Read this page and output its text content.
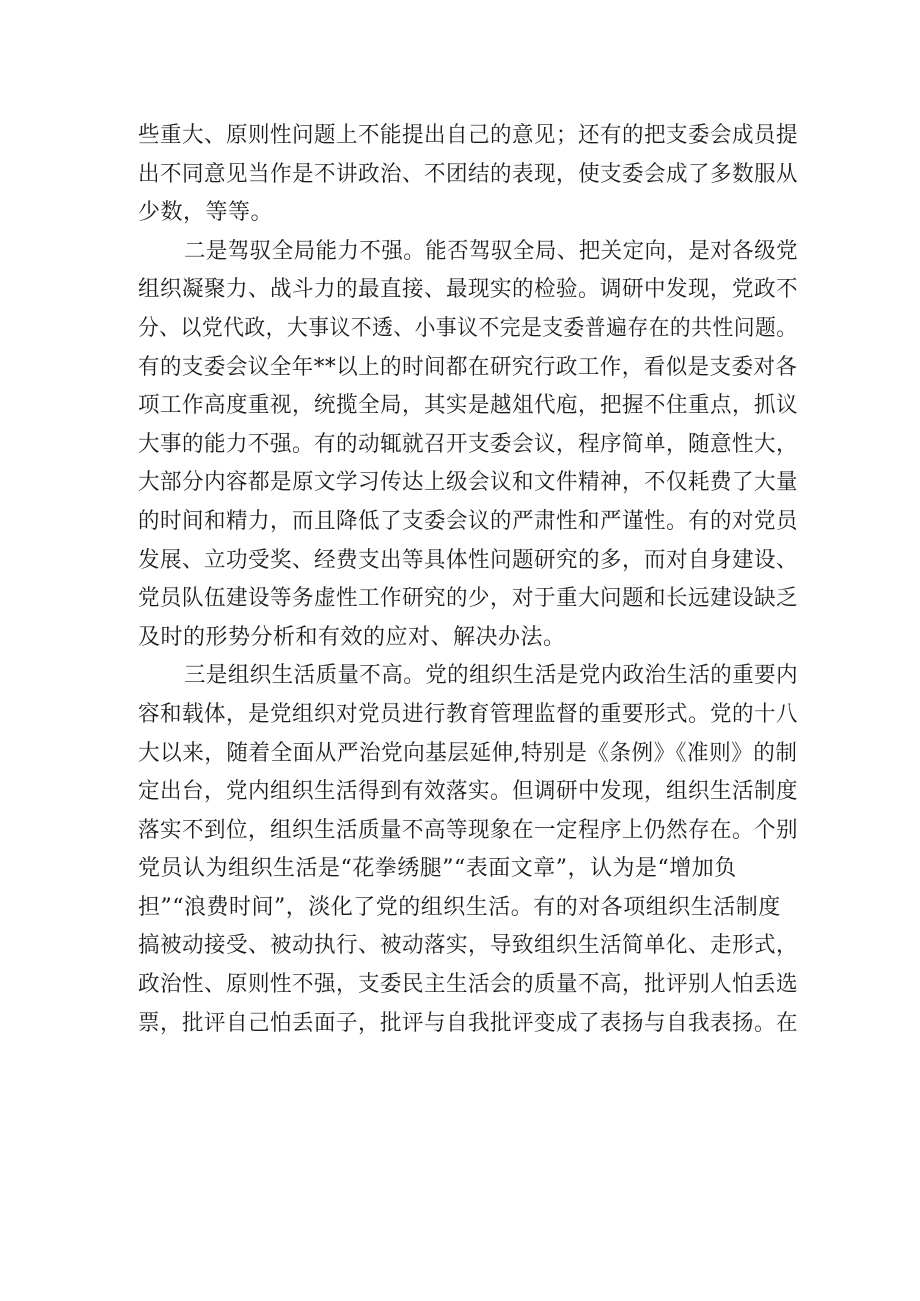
些重大、原则性问题上不能提出自己的意见；还有的把支委会成员提
出不同意见当作是不讲政治、不团结的表现，使支委会成了多数服从
少数，等等。
二是驾驭全局能力不强。能否驾驭全局、把关定向，是对各级党
组织凝聚力、战斗力的最直接、最现实的检验。调研中发现，党政不
分、以党代政，大事议不透、小事议不完是支委普遍存在的共性问题。
有的支委会议全年**以上的时间都在研究行政工作，看似是支委对各
项工作高度重视，统揽全局，其实是越俎代庖，把握不住重点，抓议
大事的能力不强。有的动辄就召开支委会议，程序简单，随意性大，
大部分内容都是原文学习传达上级会议和文件精神，不仅耗费了大量
的时间和精力，而且降低了支委会议的严肃性和严谨性。有的对党员
发展、立功受奖、经费支出等具体性问题研究的多，而对自身建设、
党员队伍建设等务虚性工作研究的少，对于重大问题和长远建设缺乏
及时的形势分析和有效的应对、解决办法。
三是组织生活质量不高。党的组织生活是党内政治生活的重要内
容和载体，是党组织对党员进行教育管理监督的重要形式。党的十八
大以来，随着全面从严治党向基层延伸,特别是《条例》《准则》的制
定出台，党内组织生活得到有效落实。但调研中发现，组织生活制度
落实不到位，组织生活质量不高等现象在一定程序上仍然存在。个别
党员认为组织生活是“花拳绣腿”“表面文章”，认为是“增加负
担”“浪费时间”，淡化了党的组织生活。有的对各项组织生活制度
搞被动接受、被动执行、被动落实，导致组织生活简单化、走形式，
政治性、原则性不强，支委民主生活会的质量不高，批评别人怕丢选
票，批评自己怕丢面子，批评与自我批评变成了表扬与自我表扬。在
